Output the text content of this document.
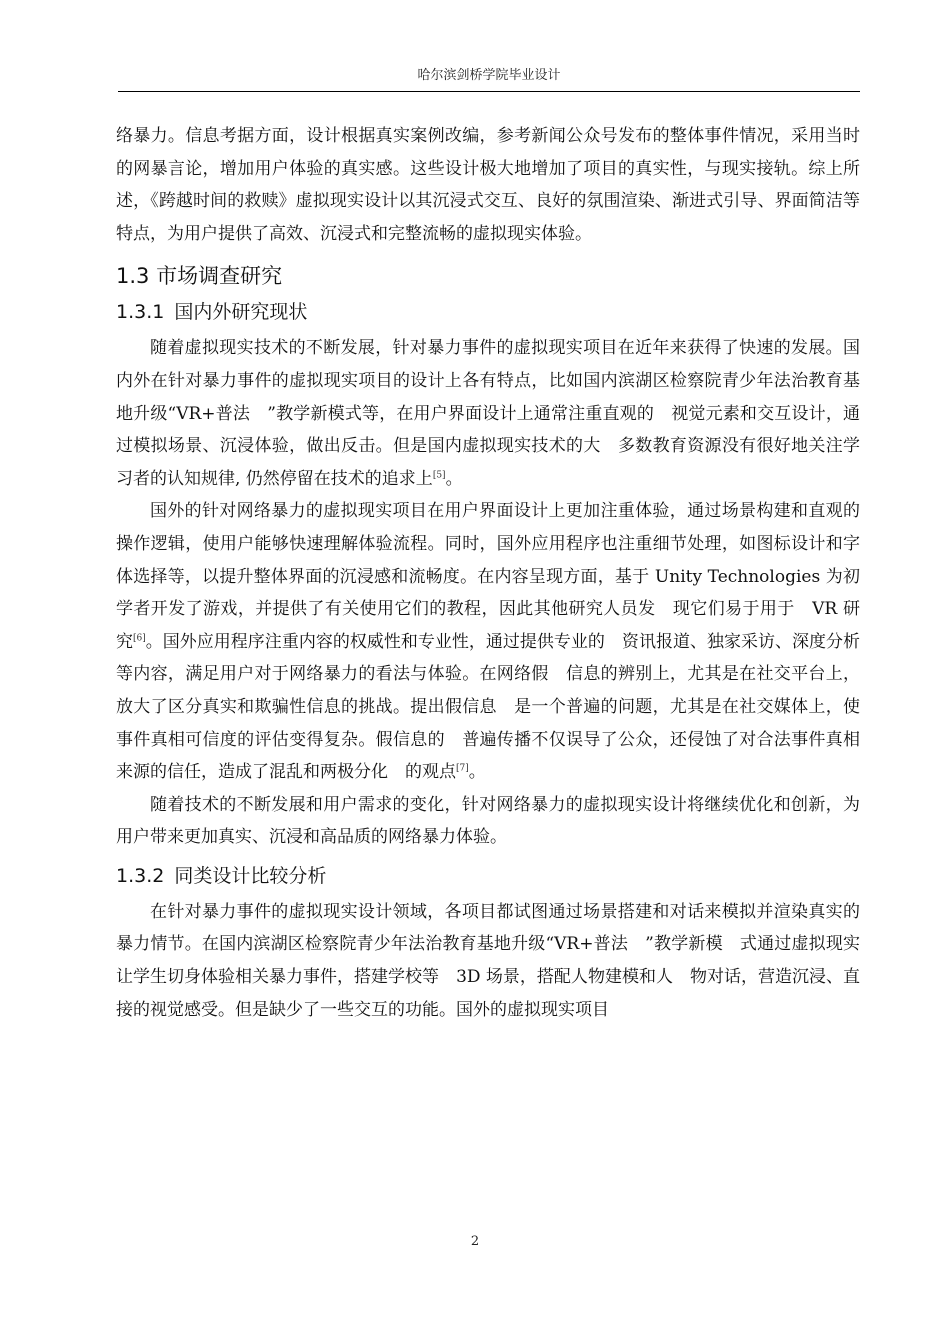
哈尔滨剑桥学院毕业设计

络暴力。信息考据方面，设计根据真实案例改编，参考新闻公众号发布的整体事件情况，采用当时的网暴言论，增加用户体验的真实感。这些设计极大地增加了项目的真实性，与现实接轨。综上所述，《跨越时间的救赎》虚拟现实设计以其沉浸式交互、良好的氛围渲染、渐进式引导、界面简洁等特点，为用户提供了高效、沉浸式和完整流畅的虚拟现实体验。

1.3 市场调查研究
1.3.1 国内外研究现状

随着虚拟现实技术的不断发展，针对暴力事件的虚拟现实项目在近年来获得了快速的发展。国内外在针对暴力事件的虚拟现实项目的设计上各有特点，比如国内滨湖区检察院青少年法治教育基地升级“VR+普法　”教学新模式等，在用户界面设计上通常注重直观的　视觉元素和交互设计，通过模拟场景、沉浸体验，做出反击。但是国内虚拟现实技术的大　多数教育资源没有很好地关注学习者的认知规律, 仍然停留在技术的追求上[5]。

国外的针对网络暴力的虚拟现实项目在用户界面设计上更加注重体验，通过场景构建和直观的操作逻辑，使用户能够快速理解体验流程。同时，国外应用程序也注重细节处理，如图标设计和字体选择等，以提升整体界面的沉浸感和流畅度。在内容呈现方面，基于 Unity Technologies 为初学者开发了游戏，并提供了有关使用它们的教程，因此其他研究人员发　现它们易于用于　VR 研究[6]。国外应用程序注重内容的权威性和专业性，通过提供专业的　资讯报道、独家采访、深度分析等内容，满足用户对于网络暴力的看法与体验。在网络假　信息的辨别上，尤其是在社交平台上，放大了区分真实和欺骗性信息的挑战。提出假信息　是一个普遍的问题，尤其是在社交媒体上，使事件真相可信度的评估变得复杂。假信息的　普遍传播不仅误导了公众，还侵蚀了对合法事件真相来源的信任，造成了混乱和两极分化　的观点[7]。

随着技术的不断发展和用户需求的变化，针对网络暴力的虚拟现实设计将继续优化和创新，为用户带来更加真实、沉浸和高品质的网络暴力体验。

1.3.2 同类设计比较分析

在针对暴力事件的虚拟现实设计领域，各项目都试图通过场景搭建和对话来模拟并渲染真实的暴力情节。在国内滨湖区检察院青少年法治教育基地升级“VR+普法　”教学新模　式通过虚拟现实让学生切身体验相关暴力事件，搭建学校等　3D 场景，搭配人物建模和人　物对话，营造沉浸、直接的视觉感受。但是缺少了一些交互的功能。国外的虚拟现实项目

2
